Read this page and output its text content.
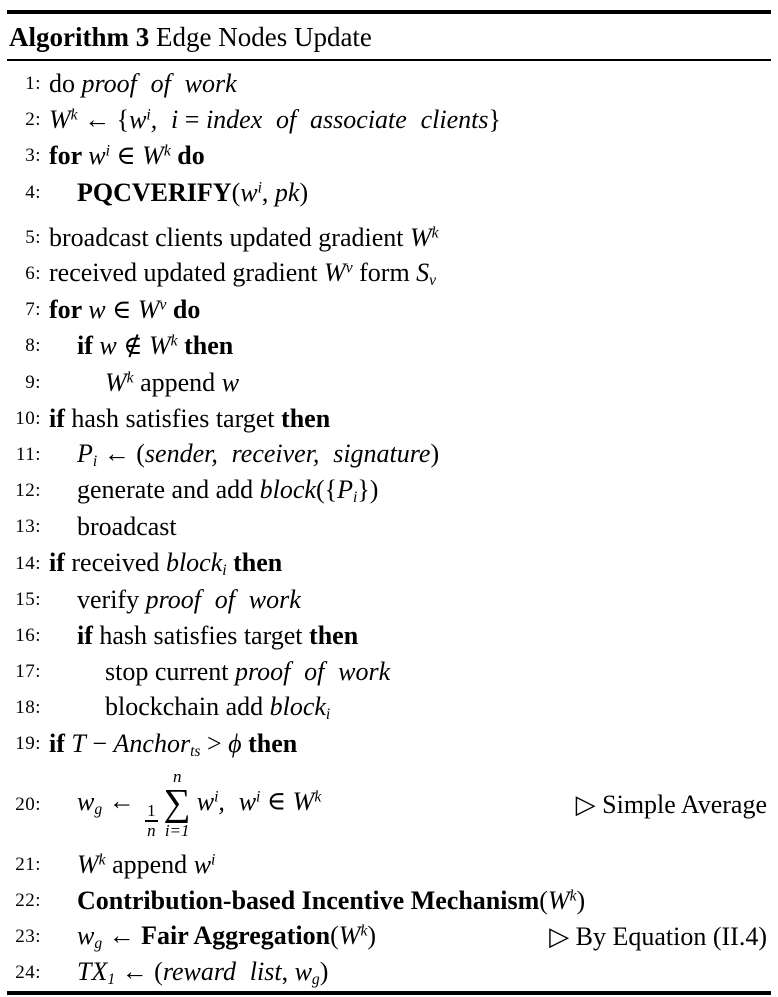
Algorithm 3 Edge Nodes Update
1: do proof of work
2: $W^k$ ← {$w^i$, i = index of associate clients}
3: for $w^i$ ∈ $W^k$ do
4:	$PQCVERIFY(w^i$, pk)
5: broadcast clients updated gradient $W^k$
6: received updated gradient $W^v$ form $S_v$
7: for w ∈ $W^v$ do
8:	if w ∉ $W^k$ then
9:	$W^k$ append w
10: if hash satisfies target then
11:	$P_i$ ← (sender, receiver, signature)
12:	generate and add $block(\{P_i\})$
13:	broadcast
14: if received block$_i$ then
15:	verify proof of work
16:	if hash satisfies target then
17:	stop current proof of work
18:	blockchain add block$_i$
19: if T − Anchor$_{ts}$ > ϕ then
20:	$w_g$ ←
$\frac{1}{n}$
n
∑
i=1
$w^i$, $w^i$ ∈ $W^k$	▷ Simple Average
21:	$W^k$ append $w^i$
22:	Contribution-based Incentive $Mechanism(W^k)$
23:	$w_g$ ← Fair $Aggregation(W^k)$	▷ By Equation (II.4)
24:	$TX_1$ ← (reward list, $w_g$)
